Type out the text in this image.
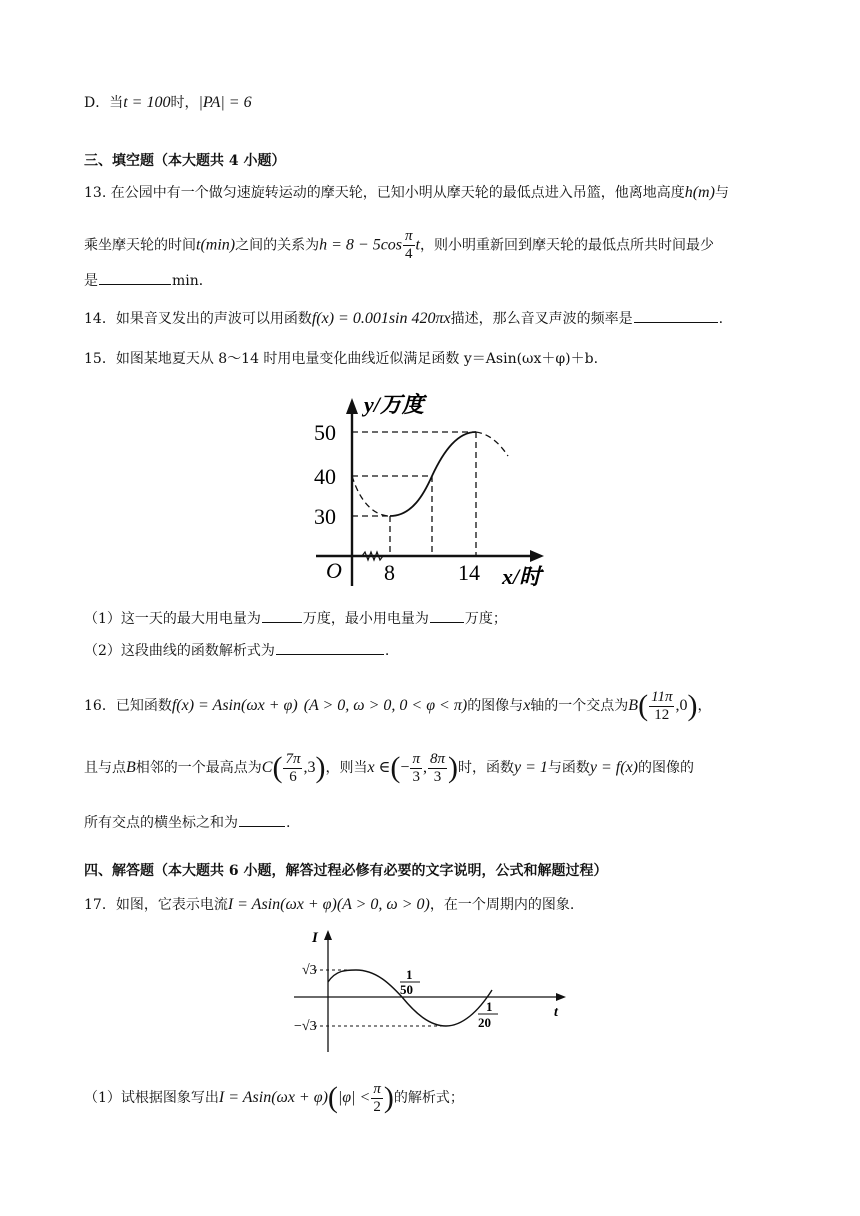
D．当t = 100时，|PA| = 6
三、填空题（本大题共 4 小题）
13. 在公园中有一个做匀速旋转运动的摩天轮，已知小明从摩天轮的最低点进入吊篮，他离地高度h(m)与
乘坐摩天轮的时间t(min)之间的关系为$h = 8 - 5\cos \frac{\pi}{4}$ t，则小明重新回到摩天轮的最低点所共时间最少
是	min．
14．如果音叉发出的声波可以用函数f(x) = 0.001sin 420πx描述，那么音叉声波的频率是	.
15．如图某地夏天从 8～14 时用电量变化曲线近似满足函数 y＝Asin(ωx＋φ)＋b.
y/万度
50
40
30
O 8	14 x/时
（1）这一天的最大用电量为	万度，最小用电量为	万度；
（2）这段曲线的函数解析式为	.
16．已知函数f(x) = Asin(ωx + φ) (A > 0, ω > 0, 0 < φ < π)的图像与x轴的一个交点为$B( \frac{11\pi}{12} ,0)$，
且与点B相邻的一个最高点为$C( \frac{7\pi}{6} ,3)$，则当x ∈(− $\frac{\pi}{3}$ , $\frac{8\pi}{3}$ )时，函数y = 1与函数y = f(x)的图像的
所有交点的横坐标之和为	.
四、解答题（本大题共 6 小题，解答过程必修有必要的文字说明，公式和解题过程）
17．如图，它表示电流I = Asin(ωx + φ)(A > 0, ω > 0)，在一个周期内的图象.
I
t
√3
−√3
1
50
1
20
（1）试根据图象写出$I = Asin(\omega x + \varphi)(|\varphi| < \frac{\pi}{2}$ )的解析式；
